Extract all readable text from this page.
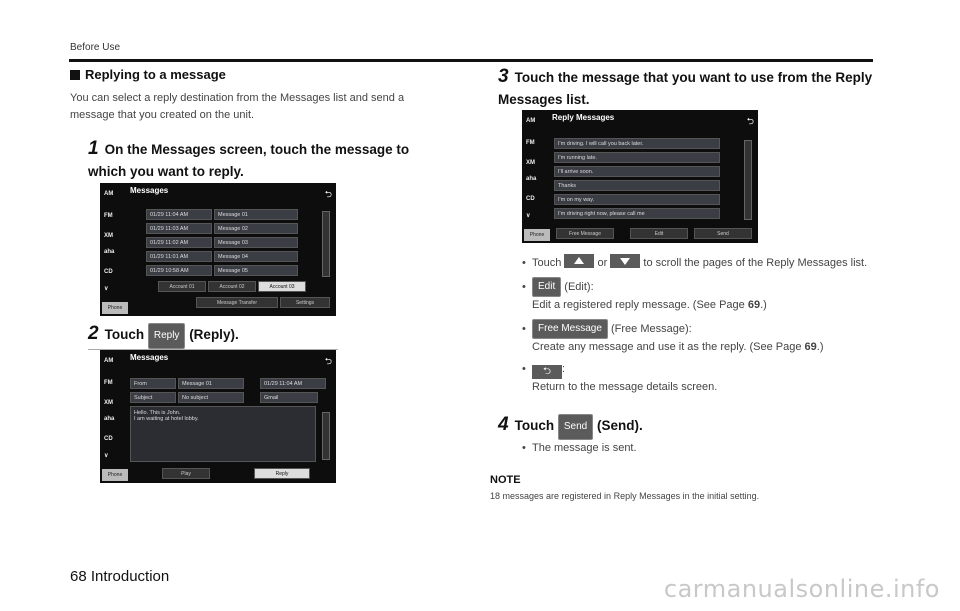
Before Use
Replying to a message
You can select a reply destination from the Messages list and send a message that you created on the unit.
1 On the Messages screen, touch the message to which you want to reply.
AM
FM
XM
aha
CD
∨
Messages	⮌
01/29 11:04 AM	Message 01
01/29 11:03 AM	Message 02
01/29 11:02 AM	Message 03
01/29 11:01 AM	Message 04
01/29 10:58 AM	Message 05
Account 01	Account 02	Account 03
Message Transfer	Settings
Phone
2 Touch Reply (Reply).
AM
FM
XM
aha
CD
∨
Messages	⮌
From	Message 01	01/29 11:04 AM
Subject	No subject	Gmail
Hello. This is John.
I am waiting at hotel lobby.
Play	Reply
Phone
3 Touch the message that you want to use from the Reply Messages list.
AM
FM
XM
aha
CD
∨
Reply Messages	⮌
I'm driving. I will call you back later.
I'm running late.
I'll arrive soon.
Thanks
I'm on my way.
I'm driving right now, please call me
Free Message	Edit	Send
Phone
• Touch	or	to scroll the pages of the Reply Messages list.
• Edit (Edit):
Edit a registered reply message. (See Page 69.)
• Free Message (Free Message):
Create any message and use it as the reply. (See Page 69.)
• ⮌ :
Return to the message details screen.
4 Touch Send (Send).
• The message is sent.
NOTE
18 messages are registered in Reply Messages in the initial setting.
68 Introduction	carmanualsonline.info
